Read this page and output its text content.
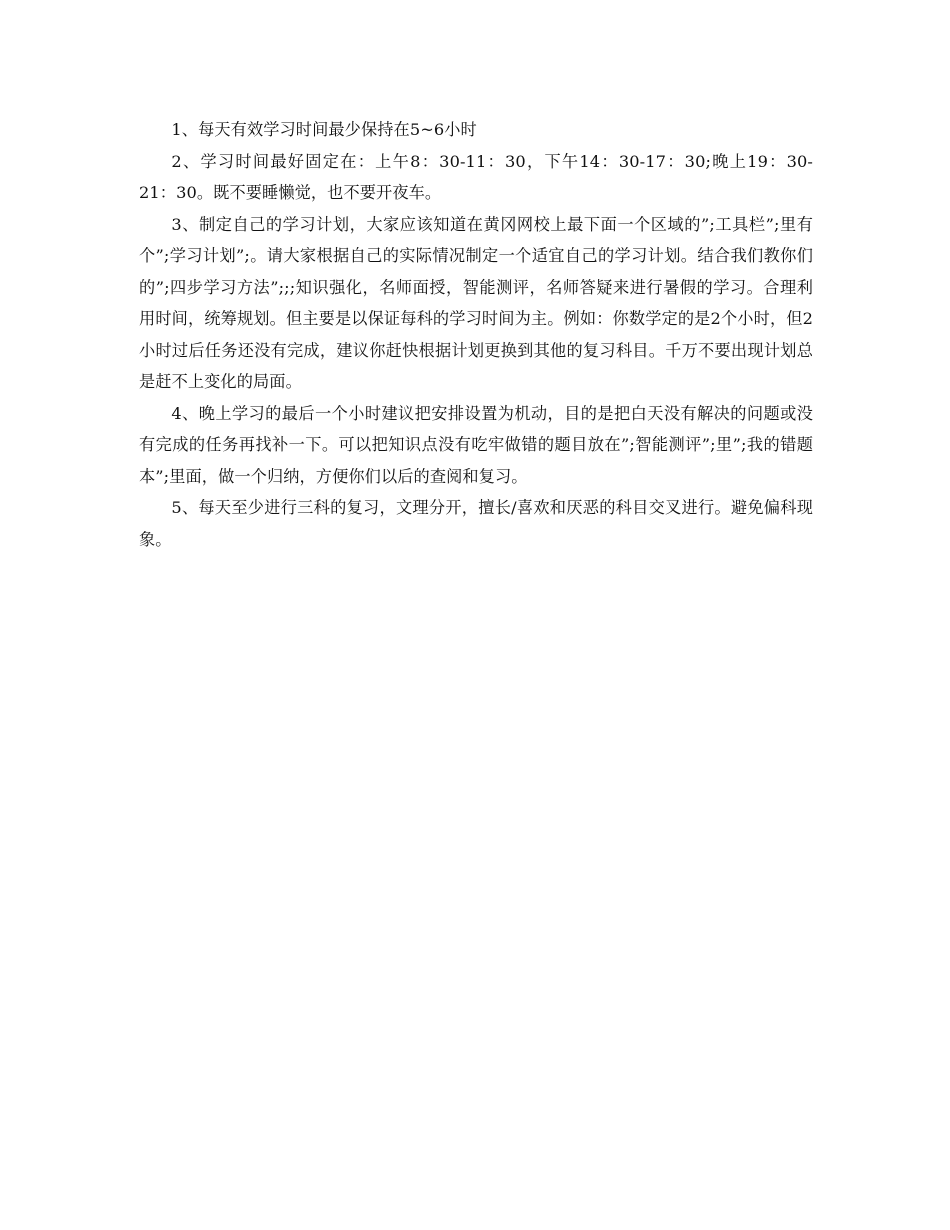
1、每天有效学习时间最少保持在5~6小时

2、学习时间最好固定在：上午8：30-11：30，下午14：30-17：30;晚上19：30-21：30。既不要睡懒觉，也不要开夜车。

3、制定自己的学习计划，大家应该知道在黄冈网校上最下面一个区域的”;工具栏”;里有个”;学习计划”;。请大家根据自己的实际情况制定一个适宜自己的学习计划。结合我们教你们的”;四步学习方法”;;;知识强化，名师面授，智能测评，名师答疑来进行暑假的学习。合理利用时间，统筹规划。但主要是以保证每科的学习时间为主。例如：你数学定的是2个小时，但2小时过后任务还没有完成，建议你赶快根据计划更换到其他的复习科目。千万不要出现计划总是赶不上变化的局面。

4、晚上学习的最后一个小时建议把安排设置为机动，目的是把白天没有解决的问题或没有完成的任务再找补一下。可以把知识点没有吃牢做错的题目放在”;智能测评”;里”;我的错题本”;里面，做一个归纳，方便你们以后的查阅和复习。

5、每天至少进行三科的复习，文理分开，擅长/喜欢和厌恶的科目交叉进行。避免偏科现象。
